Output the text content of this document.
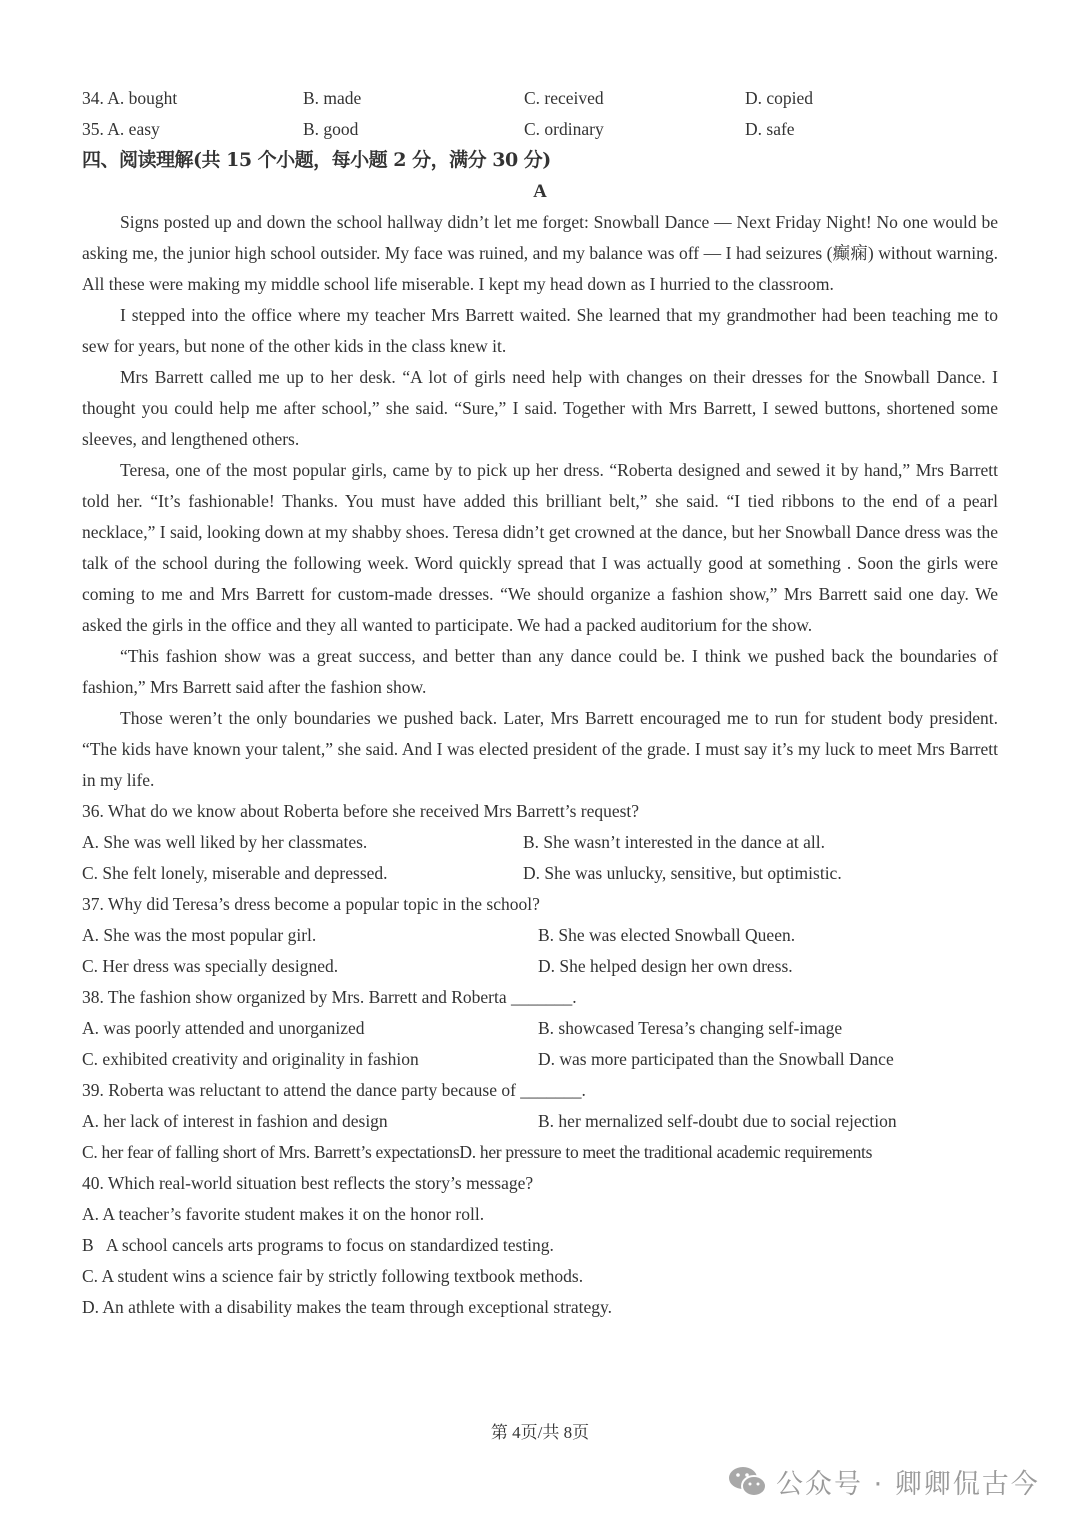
34. A. bought	B. made	C. received	D. copied
35. A. easy	B. good	C. ordinary	D. safe
四、阅读理解(共 15 个小题，每小题 2 分，满分 30 分)
A

Signs posted up and down the school hallway didn’t let me forget: Snowball Dance — Next Friday Night! No one would be asking me, the junior high school outsider. My face was ruined, and my balance was off — I had seizures (癫痫) without warning. All these were making my middle school life miserable. I kept my head down as I hurried to the classroom.

I stepped into the office where my teacher Mrs Barrett waited. She learned that my grandmother had been teaching me to sew for years, but none of the other kids in the class knew it.

Mrs Barrett called me up to her desk. “A lot of girls need help with changes on their dresses for the Snowball Dance. I thought you could help me after school,” she said. “Sure,” I said. Together with Mrs Barrett, I sewed buttons, shortened some sleeves, and lengthened others.

Teresa, one of the most popular girls, came by to pick up her dress. “Roberta designed and sewed it by hand,” Mrs Barrett told her. “It’s fashionable! Thanks. You must have added this brilliant belt,” she said. “I tied ribbons to the end of a pearl necklace,” I said, looking down at my shabby shoes. Teresa didn’t get crowned at the dance, but her Snowball Dance dress was the talk of the school during the following week. Word quickly spread that I was actually good at something . Soon the girls were coming to me and Mrs Barrett for custom-made dresses. “We should organize a fashion show,” Mrs Barrett said one day. We asked the girls in the office and they all wanted to participate. We had a packed auditorium for the show.

“This fashion show was a great success, and better than any dance could be. I think we pushed back the boundaries of fashion,” Mrs Barrett said after the fashion show.

Those weren’t the only boundaries we pushed back. Later, Mrs Barrett encouraged me to run for student body president. “The kids have known your talent,” she said. And I was elected president of the grade. I must say it’s my luck to meet Mrs Barrett in my life.

36. What do we know about Roberta before she received Mrs Barrett’s request?
A. She was well liked by her classmates.	B. She wasn’t interested in the dance at all.
C. She felt lonely, miserable and depressed.	D. She was unlucky, sensitive, but optimistic.
37. Why did Teresa’s dress become a popular topic in the school?
A. She was the most popular girl.	B. She was elected Snowball Queen.
C. Her dress was specially designed.	D. She helped design her own dress.
38. The fashion show organized by Mrs. Barrett and Roberta _______.
A. was poorly attended and unorganized	B. showcased Teresa’s changing self-image
C. exhibited creativity and originality in fashion	D. was more participated than the Snowball Dance
39. Roberta was reluctant to attend the dance party because of _______.
A. her lack of interest in fashion and design	B. her mernalized self-doubt due to social rejection
C. her fear of falling short of Mrs. Barrett’s expectations D. her pressure to meet the traditional academic requirements
40. Which real-world situation best reflects the story’s message?
A. A teacher’s favorite student makes it on the honor roll.
B   A school cancels arts programs to focus on standardized testing.
C. A student wins a science fair by strictly following textbook methods.
D. An athlete with a disability makes the team through exceptional strategy.
第 4页/共 8页
公众号 · 卿卿侃古今
